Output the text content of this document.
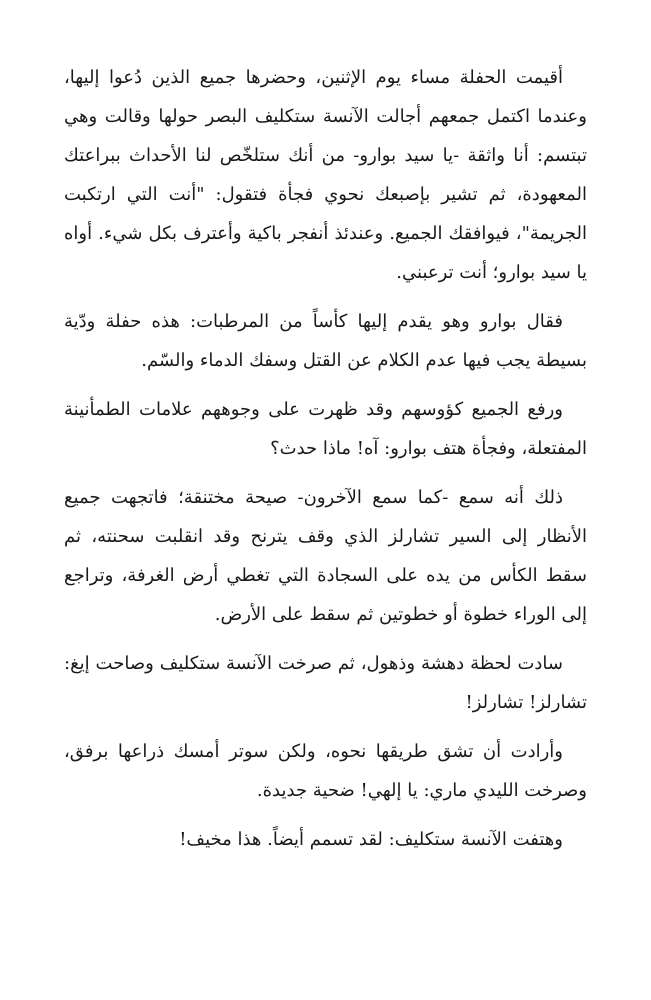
أقيمت الحفلة مساء يوم الإثنين، وحضرها جميع الذين دُعوا إليها، وعندما اكتمل جمعهم أجالت الآنسة ستكليف البصر حولها وقالت وهي تبتسم: أنا واثقة -يا سيد بوارو- من أنك ستلخّص لنا الأحداث ببراعتك المعهودة، ثم تشير بإصبعك نحوي فجأة فتقول: "أنت التي ارتكبت الجريمة"، فيوافقك الجميع. وعندئذ أنفجر باكية وأعترف بكل شيء. أواه يا سيد بوارو؛ أنت ترعبني.

فقال بوارو وهو يقدم إليها كأساً من المرطبات: هذه حفلة ودّية بسيطة يجب فيها عدم الكلام عن القتل وسفك الدماء والسّم.

ورفع الجميع كؤوسهم وقد ظهرت على وجوههم علامات الطمأنينة المفتعلة، وفجأة هتف بوارو: آه! ماذا حدث؟

ذلك أنه سمع -كما سمع الآخرون- صيحة مختنقة؛ فاتجهت جميع الأنظار إلى السير تشارلز الذي وقف يترنح وقد انقلبت سحنته، ثم سقط الكأس من يده على السجادة التي تغطي أرض الغرفة، وتراجع إلى الوراء خطوة أو خطوتين ثم سقط على الأرض.

سادت لحظة دهشة وذهول، ثم صرخت الآنسة ستكليف وصاحت إيغ: تشارلز! تشارلز!

وأرادت أن تشق طريقها نحوه، ولكن سوتر أمسك ذراعها برفق، وصرخت الليدي ماري: يا إلهي! ضحية جديدة.

وهتفت الآنسة ستكليف: لقد تسمم أيضاً. هذا مخيف!
